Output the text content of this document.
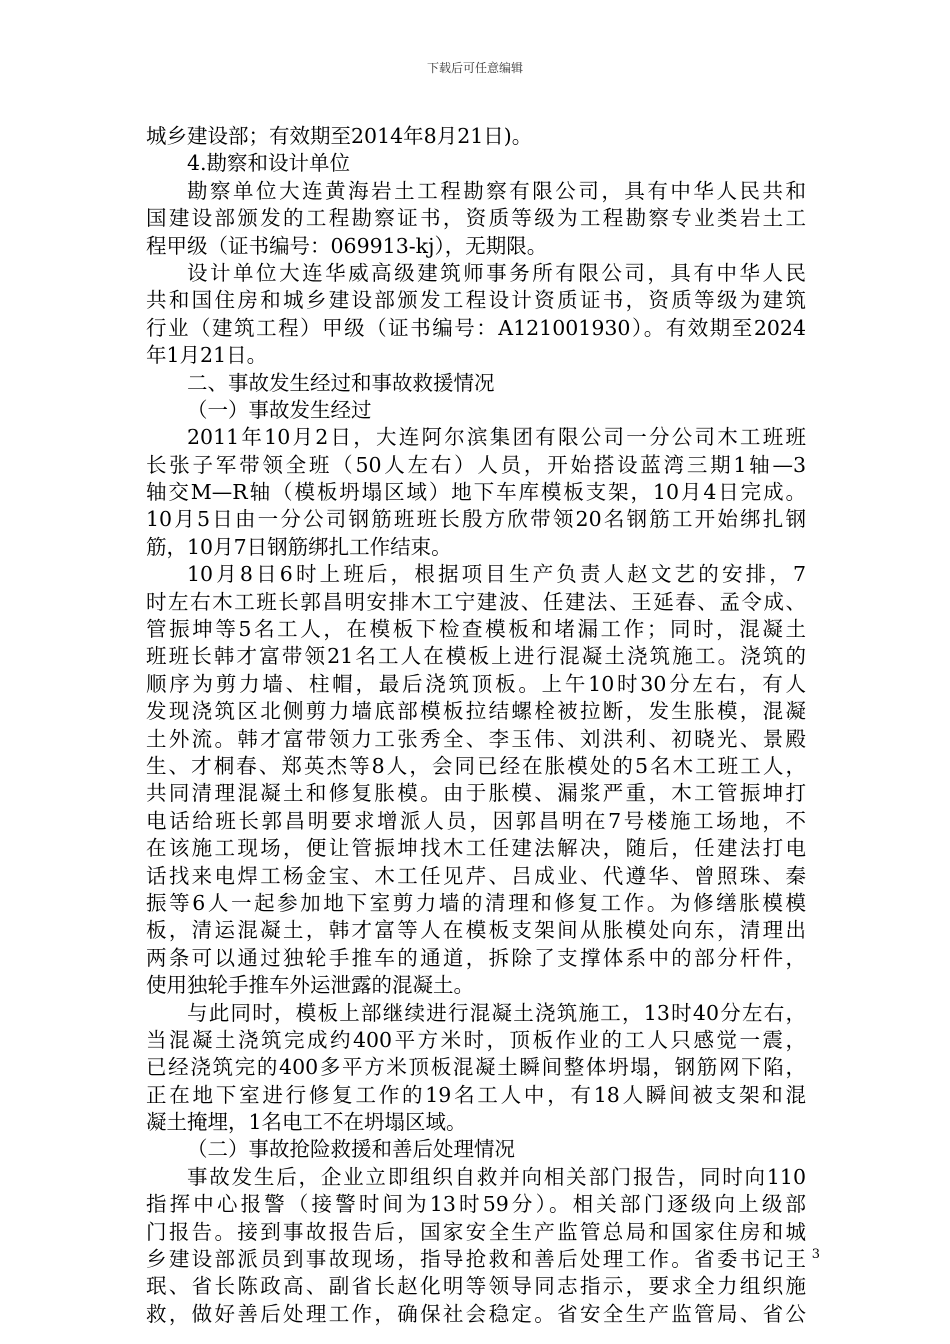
下载后可任意编辑
城乡建设部；有效期至2014年8月21日)。
4.勘察和设计单位
勘察单位大连黄海岩土工程勘察有限公司，具有中华人民共和
国建设部颁发的工程勘察证书，资质等级为工程勘察专业类岩土工
程甲级（证书编号：069913-kj），无期限。
设计单位大连华威高级建筑师事务所有限公司，具有中华人民
共和国住房和城乡建设部颁发工程设计资质证书，资质等级为建筑
行业（建筑工程）甲级（证书编号：A121001930）。有效期至2024
年1月21日。
二、事故发生经过和事故救援情况
（一）事故发生经过
2011年10月2日，大连阿尔滨集团有限公司一分公司木工班班
长张子军带领全班（50人左右）人员，开始搭设蓝湾三期1轴—3
轴交M—R轴（模板坍塌区域）地下车库模板支架，10月4日完成。
10月5日由一分公司钢筋班班长殷方欣带领20名钢筋工开始绑扎钢
筋，10月7日钢筋绑扎工作结束。
10月8日6时上班后，根据项目生产负责人赵文艺的安排，7
时左右木工班长郭昌明安排木工宁建波、任建法、王延春、孟令成、
管振坤等5名工人，在模板下检查模板和堵漏工作；同时，混凝土
班班长韩才富带领21名工人在模板上进行混凝土浇筑施工。浇筑的
顺序为剪力墙、柱帽，最后浇筑顶板。上午10时30分左右，有人
发现浇筑区北侧剪力墙底部模板拉结螺栓被拉断，发生胀模，混凝
土外流。韩才富带领力工张秀全、李玉伟、刘洪利、初晓光、景殿
生、才桐春、郑英杰等8人，会同已经在胀模处的5名木工班工人，
共同清理混凝土和修复胀模。由于胀模、漏浆严重，木工管振坤打
电话给班长郭昌明要求增派人员，因郭昌明在7号楼施工场地，不
在该施工现场，便让管振坤找木工任建法解决，随后，任建法打电
话找来电焊工杨金宝、木工任见芹、吕成业、代遵华、曾照珠、秦
振等6人一起参加地下室剪力墙的清理和修复工作。为修缮胀模模
板，清运混凝土，韩才富等人在模板支架间从胀模处向东，清理出
两条可以通过独轮手推车的通道，拆除了支撑体系中的部分杆件，
使用独轮手推车外运泄露的混凝土。
与此同时，模板上部继续进行混凝土浇筑施工，13时40分左右，
当混凝土浇筑完成约400平方米时，顶板作业的工人只感觉一震，
已经浇筑完的400多平方米顶板混凝土瞬间整体坍塌，钢筋网下陷，
正在地下室进行修复工作的19名工人中，有18人瞬间被支架和混
凝土掩埋，1名电工不在坍塌区域。
（二）事故抢险救援和善后处理情况
事故发生后，企业立即组织自救并向相关部门报告，同时向110
指挥中心报警（接警时间为13时59分）。相关部门逐级向上级部
门报告。接到事故报告后，国家安全生产监管总局和国家住房和城
乡建设部派员到事故现场，指导抢救和善后处理工作。省委书记王
珉、省长陈政高、副省长赵化明等领导同志指示，要求全力组织施
救，做好善后处理工作，确保社会稳定。省安全生产监管局、省公
3
